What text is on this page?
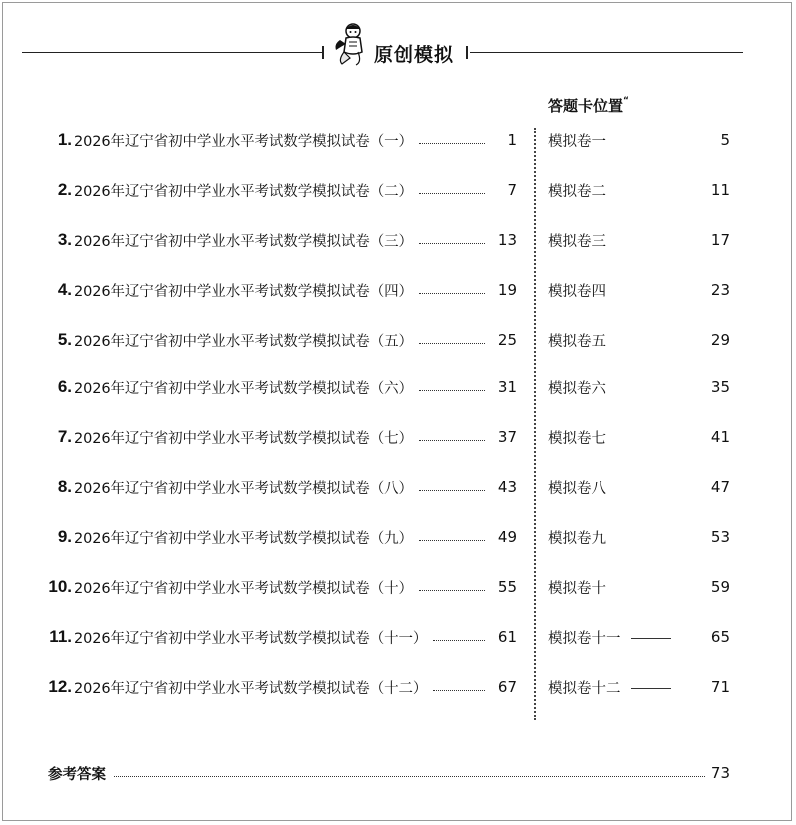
原创模拟
答题卡位置“
1. 2026年辽宁省初中学业水平考试数学模拟试卷（一）	1
2. 2026年辽宁省初中学业水平考试数学模拟试卷（二）	7
3. 2026年辽宁省初中学业水平考试数学模拟试卷（三）	13
4. 2026年辽宁省初中学业水平考试数学模拟试卷（四）	19
5. 2026年辽宁省初中学业水平考试数学模拟试卷（五）	25
6. 2026年辽宁省初中学业水平考试数学模拟试卷（六）	31
7. 2026年辽宁省初中学业水平考试数学模拟试卷（七）	37
8. 2026年辽宁省初中学业水平考试数学模拟试卷（八）	43
9. 2026年辽宁省初中学业水平考试数学模拟试卷（九）	49
10. 2026年辽宁省初中学业水平考试数学模拟试卷（十）	55
11. 2026年辽宁省初中学业水平考试数学模拟试卷（十一）	61
12. 2026年辽宁省初中学业水平考试数学模拟试卷（十二）	67
模拟卷一	5
模拟卷二	11
模拟卷三	17
模拟卷四	23
模拟卷五	29
模拟卷六	35
模拟卷七	41
模拟卷八	47
模拟卷九	53
模拟卷十	59
模拟卷十一	65
模拟卷十二	71
参考答案	73
